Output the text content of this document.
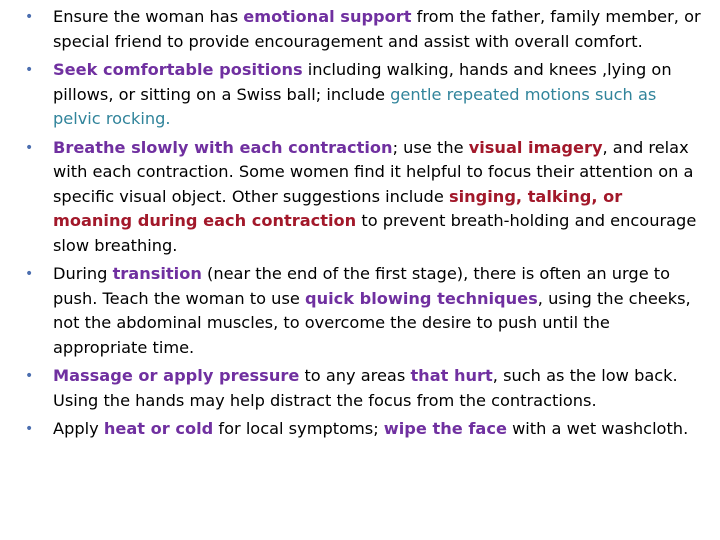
• Ensure the woman has emotional support from the father, family member, or special friend to provide encouragement and assist with overall comfort.
• Seek comfortable positions including walking, hands and knees ,lying on pillows, or sitting on a Swiss ball; include gentle repeated motions such as pelvic rocking.
• Breathe slowly with each contraction; use the visual imagery, and relax with each contraction. Some women find it helpful to focus their attention on a specific visual object. Other suggestions include singing, talking, or moaning during each contraction to prevent breath-holding and encourage slow breathing.
• During transition (near the end of the first stage), there is often an urge to push. Teach the woman to use quick blowing techniques, using the cheeks, not the abdominal muscles, to overcome the desire to push until the appropriate time.
• Massage or apply pressure to any areas that hurt, such as the low back. Using the hands may help distract the focus from the contractions.
• Apply heat or cold for local symptoms; wipe the face with a wet washcloth.
